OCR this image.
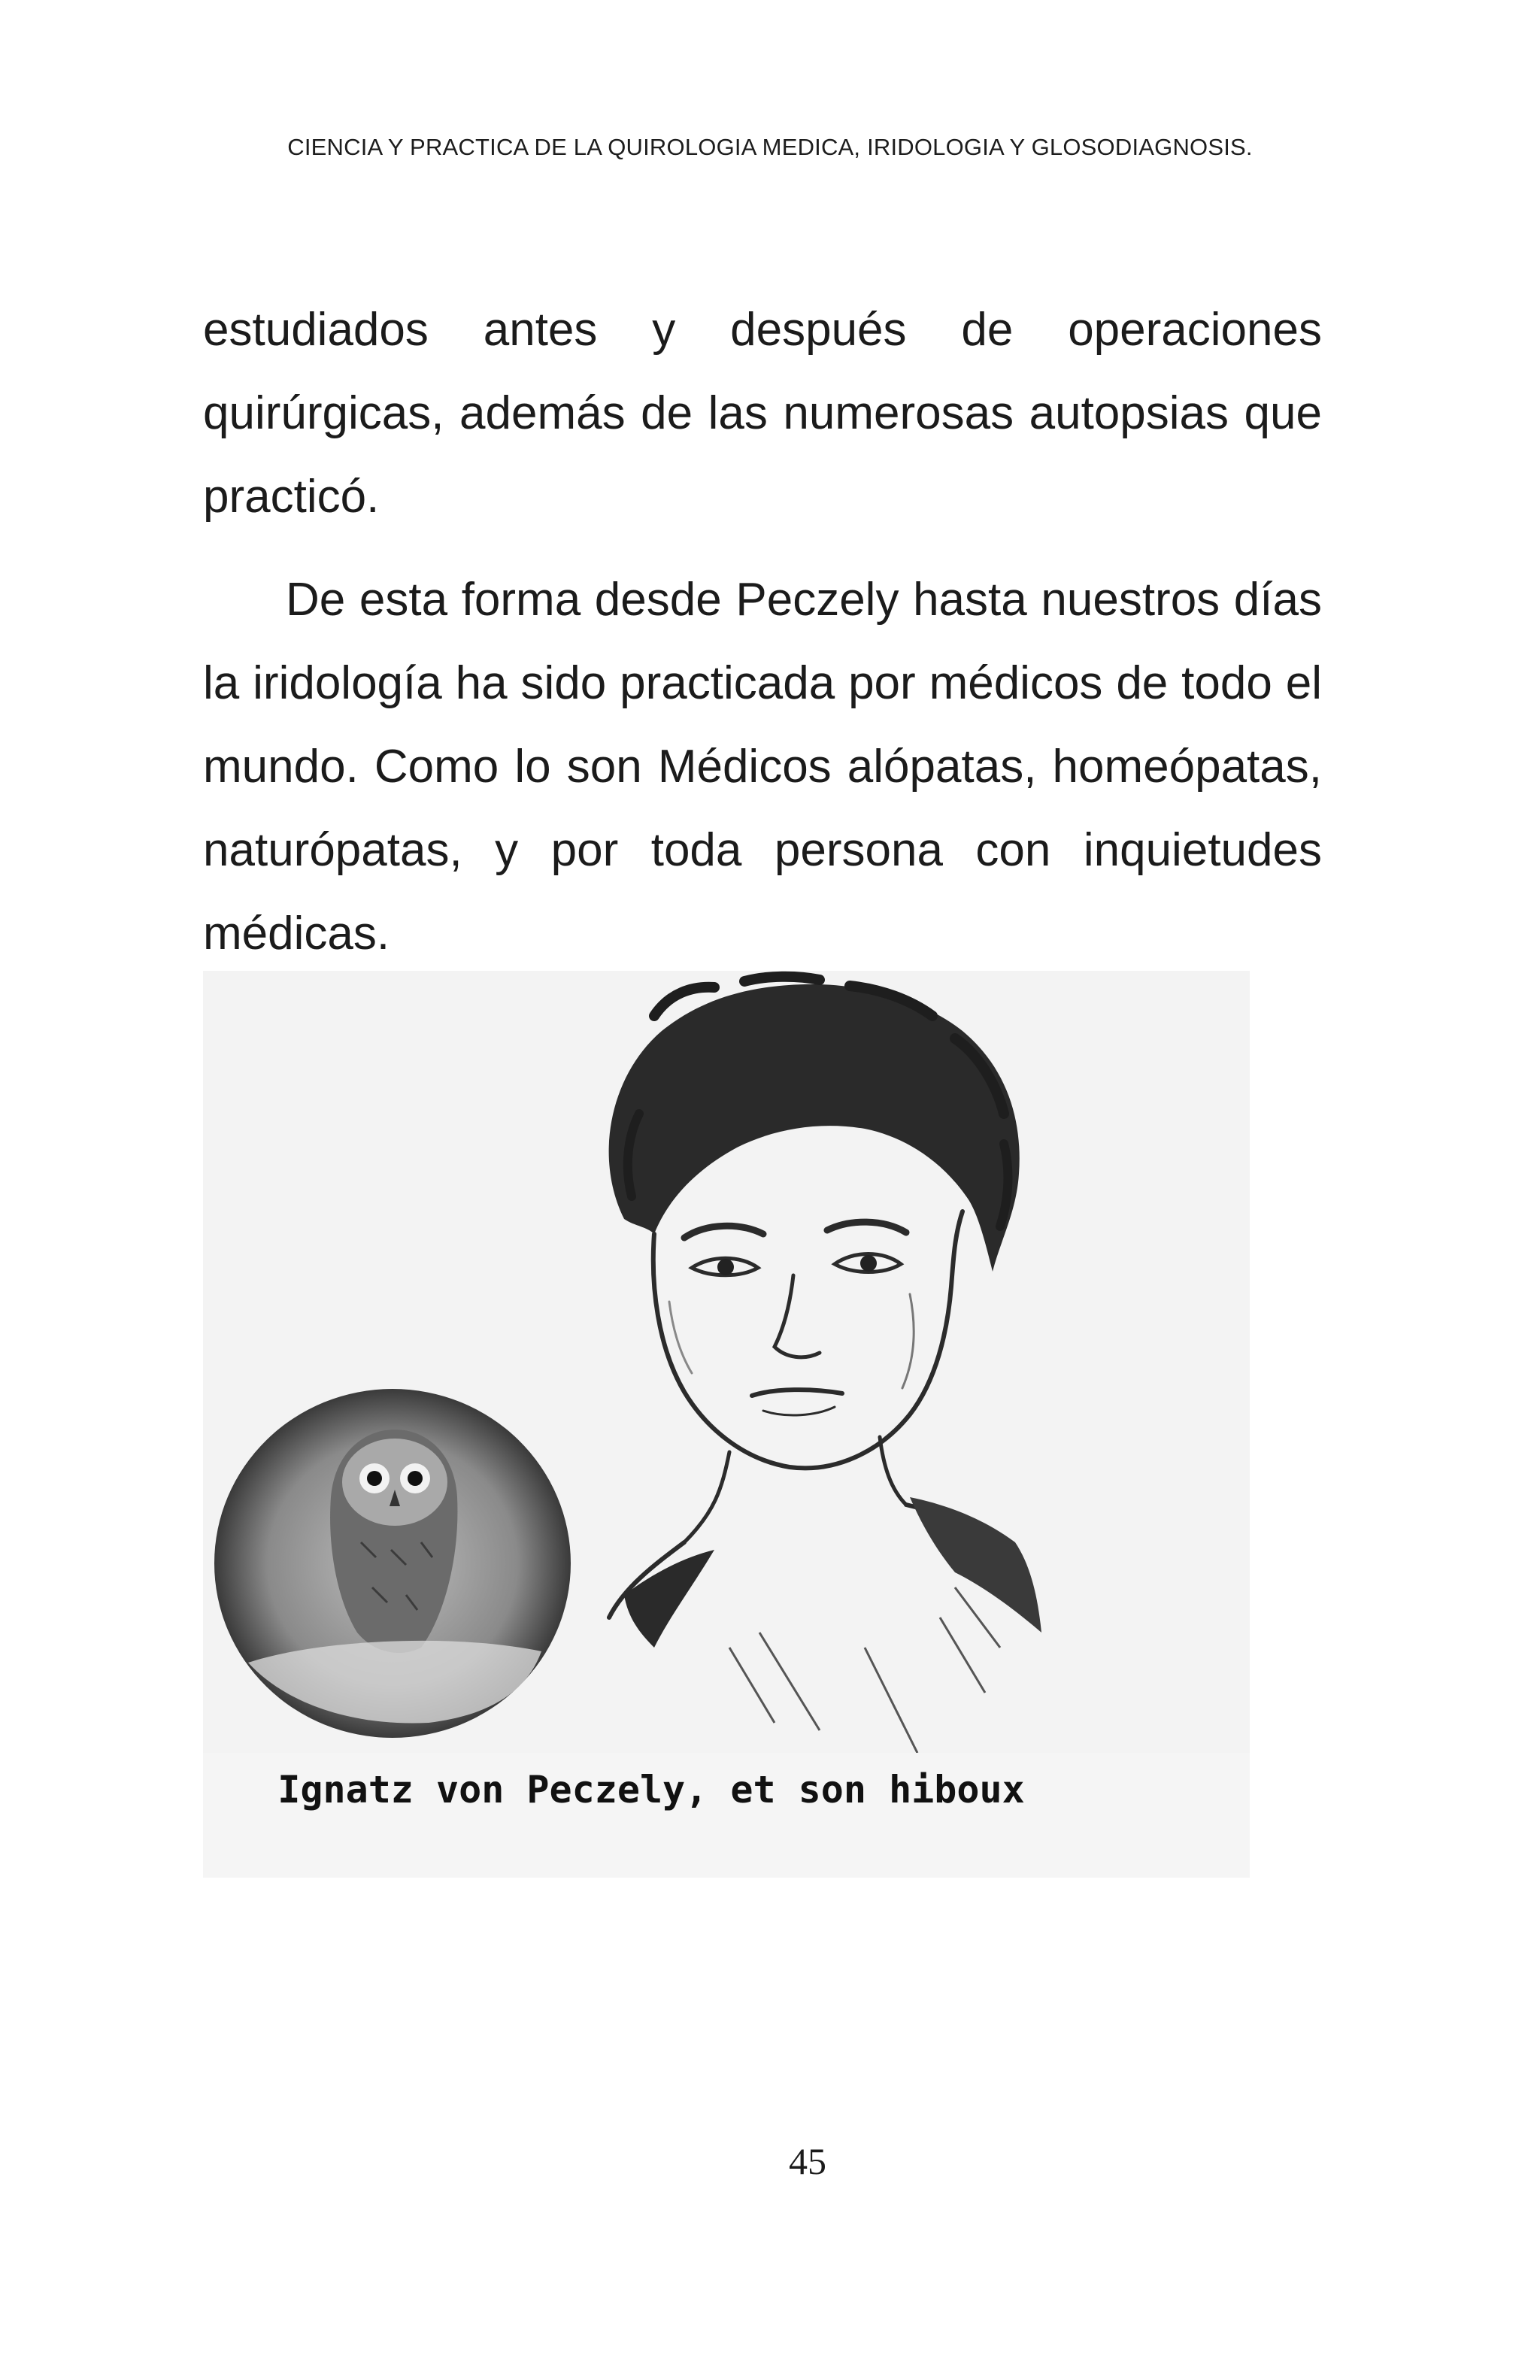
CIENCIA Y PRACTICA DE LA QUIROLOGIA MEDICA, IRIDOLOGIA Y GLOSODIAGNOSIS.

estudiados antes y después de operaciones quirúrgicas, además de las numerosas autopsias que practicó.

De esta forma desde Peczely hasta nuestros días la iridología ha sido practicada por médicos de todo el mundo. Como lo son Médicos alópatas, homeópatas, naturópatas, y por toda persona con inquietudes médicas.

Ignatz von Peczely, et son hiboux
45
